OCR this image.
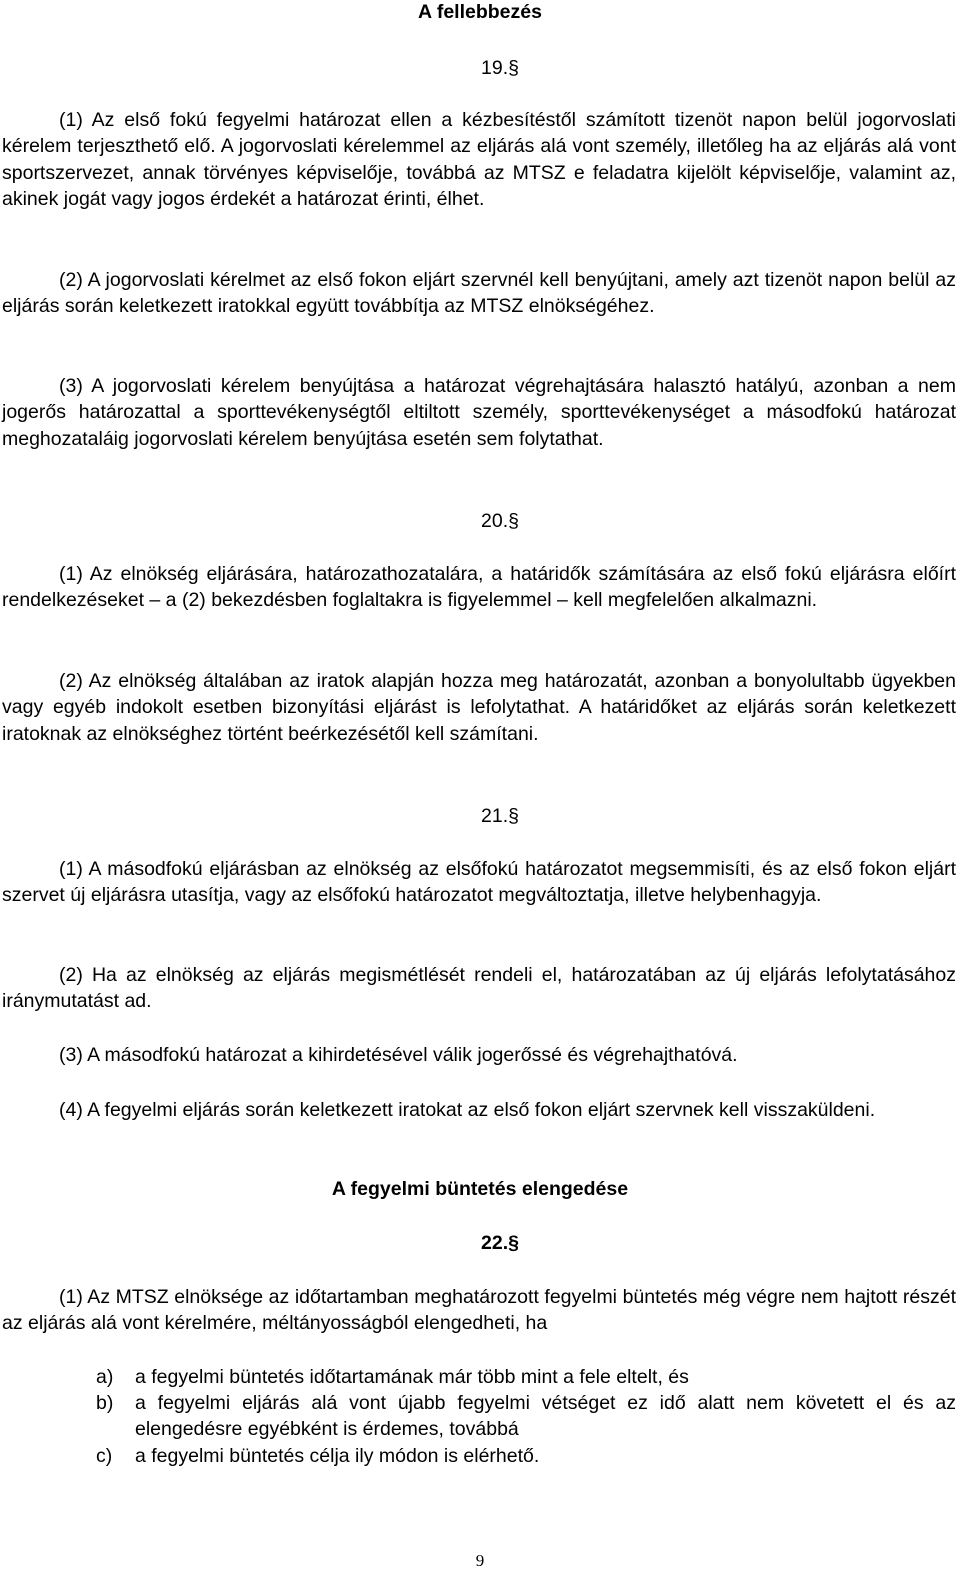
A fellebbezés
19.§

(1) Az első fokú fegyelmi határozat ellen a kézbesítéstől számított tizenöt napon belül jogorvoslati kérelem terjeszthető elő. A jogorvoslati kérelemmel az eljárás alá vont személy, illetőleg ha az eljárás alá vont sportszervezet, annak törvényes képviselője, továbbá az MTSZ e feladatra kijelölt képviselője, valamint az, akinek jogát vagy jogos érdekét a határozat érinti, élhet.

(2) A jogorvoslati kérelmet az első fokon eljárt szervnél kell benyújtani, amely azt tizenöt napon belül az eljárás során keletkezett iratokkal együtt továbbítja az MTSZ elnökségéhez.

(3) A jogorvoslati kérelem benyújtása a határozat végrehajtására halasztó hatályú, azonban a nem jogerős határozattal a sporttevékenységtől eltiltott személy, sporttevékenységet a másodfokú határozat meghozataláig jogorvoslati kérelem benyújtása esetén sem folytathat.

20.§

(1) Az elnökség eljárására, határozathozatalára, a határidők számítására az első fokú eljárásra előírt rendelkezéseket – a (2) bekezdésben foglaltakra is figyelemmel – kell megfelelően alkalmazni.

(2) Az elnökség általában az iratok alapján hozza meg határozatát, azonban a bonyolultabb ügyekben vagy egyéb indokolt esetben bizonyítási eljárást is lefolytathat. A határidőket az eljárás során keletkezett iratoknak az elnökséghez történt beérkezésétől kell számítani.

21.§

(1) A másodfokú eljárásban az elnökség az elsőfokú határozatot megsemmisíti, és az első fokon eljárt szervet új eljárásra utasítja, vagy az elsőfokú határozatot megváltoztatja, illetve helybenhagyja.

(2) Ha az elnökség az eljárás megismétlését rendeli el, határozatában az új eljárás lefolytatásához iránymutatást ad.

(3) A másodfokú határozat a kihirdetésével válik jogerőssé és végrehajthatóvá.

(4) A fegyelmi eljárás során keletkezett iratokat az első fokon eljárt szervnek kell visszaküldeni.

A fegyelmi büntetés elengedése
22.§

(1) Az MTSZ elnöksége az időtartamban meghatározott fegyelmi büntetés még végre nem hajtott részét az eljárás alá vont kérelmére, méltányosságból elengedheti, ha

a) a fegyelmi büntetés időtartamának már több mint a fele eltelt, és
b) a fegyelmi eljárás alá vont újabb fegyelmi vétséget ez idő alatt nem követett el és az elengedésre egyébként is érdemes, továbbá
c) a fegyelmi büntetés célja ily módon is elérhető.
9
